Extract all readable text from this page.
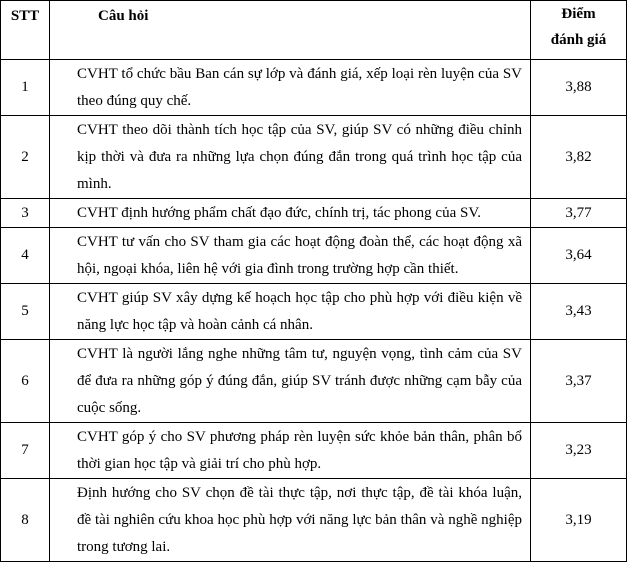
STT	Câu hỏi	Điểm
đánh giá
1	CVHT tổ chức bầu Ban cán sự lớp và đánh giá, xếp loại rèn luyện của SV theo đúng quy chế.	3,88
2	CVHT theo dõi thành tích học tập của SV, giúp SV có những điều chỉnh kịp thời và đưa ra những lựa chọn đúng đắn trong quá trình học tập của mình.	3,82
3	CVHT định hướng phẩm chất đạo đức, chính trị, tác phong của SV.	3,77
4	CVHT tư vấn cho SV tham gia các hoạt động đoàn thể, các hoạt động xã hội, ngoại khóa, liên hệ với gia đình trong trường hợp cần thiết.	3,64
5	CVHT giúp SV xây dựng kế hoạch học tập cho phù hợp với điều kiện về năng lực học tập và hoàn cảnh cá nhân.	3,43
6	CVHT là người lắng nghe những tâm tư, nguyện vọng, tình cảm của SV để đưa ra những góp ý đúng đắn, giúp SV tránh được những cạm bẫy của cuộc sống.	3,37
7	CVHT góp ý cho SV phương pháp rèn luyện sức khỏe bản thân, phân bổ thời gian học tập và giải trí cho phù hợp.	3,23
8	Định hướng cho SV chọn đề tài thực tập, nơi thực tập, đề tài khóa luận, đề tài nghiên cứu khoa học phù hợp với năng lực bản thân và nghề nghiệp trong tương lai.	3,19
